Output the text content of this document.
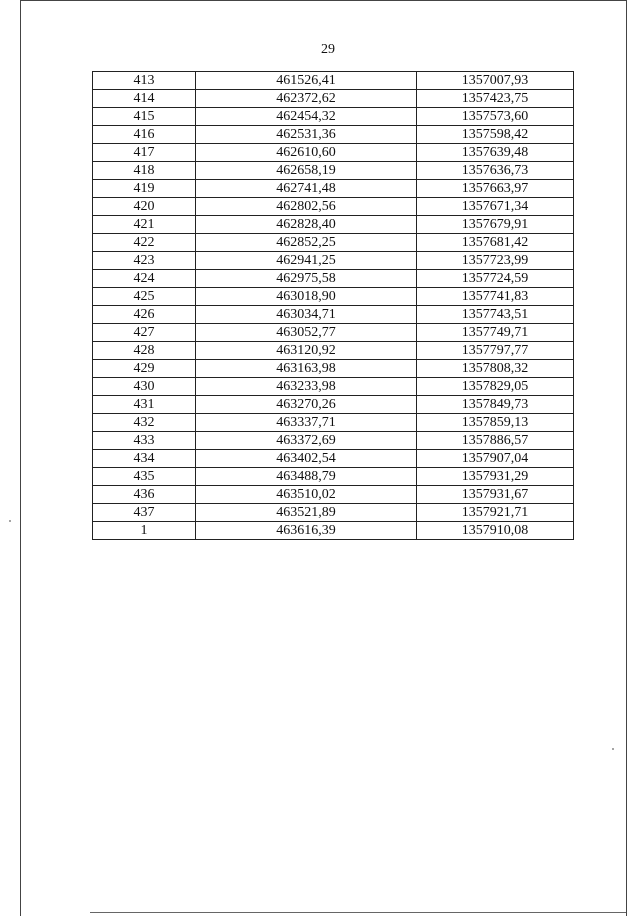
29
413	461526,41	1357007,93
414	462372,62	1357423,75
415	462454,32	1357573,60
416	462531,36	1357598,42
417	462610,60	1357639,48
418	462658,19	1357636,73
419	462741,48	1357663,97
420	462802,56	1357671,34
421	462828,40	1357679,91
422	462852,25	1357681,42
423	462941,25	1357723,99
424	462975,58	1357724,59
425	463018,90	1357741,83
426	463034,71	1357743,51
427	463052,77	1357749,71
428	463120,92	1357797,77
429	463163,98	1357808,32
430	463233,98	1357829,05
431	463270,26	1357849,73
432	463337,71	1357859,13
433	463372,69	1357886,57
434	463402,54	1357907,04
435	463488,79	1357931,29
436	463510,02	1357931,67
437	463521,89	1357921,71
1	463616,39	1357910,08
